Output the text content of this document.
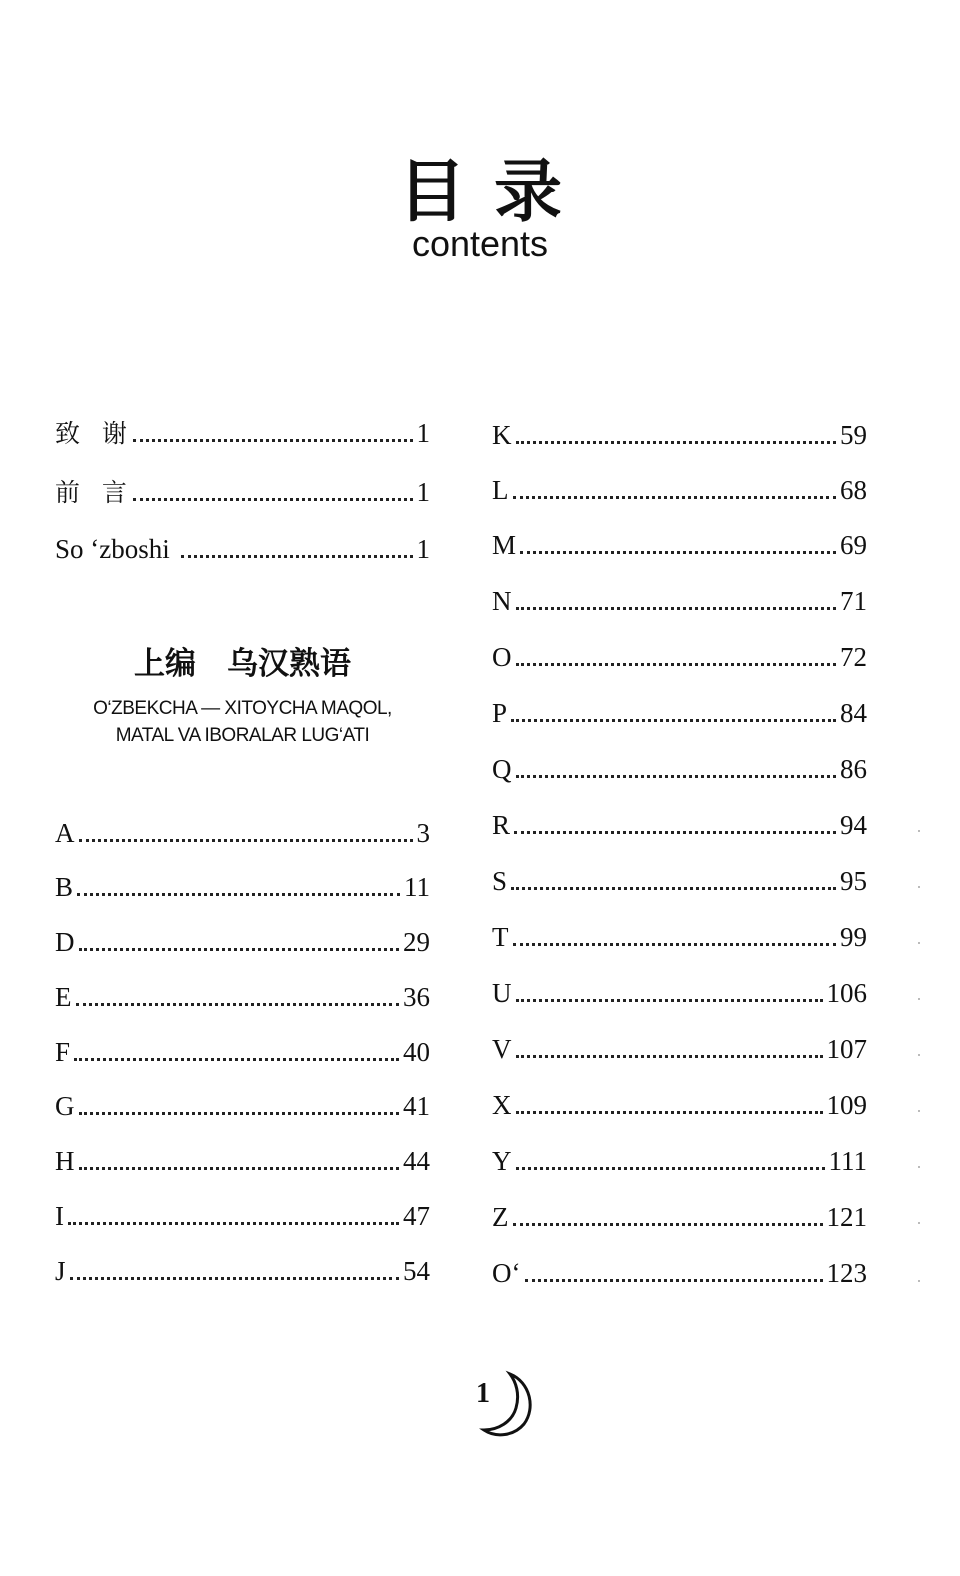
目录
contents
致  谢	1
前  言	1
So ‘zboshi	1
A	3
B	11
D	29
E	36
F	40
G	41
H	44
I	47
J	54
上编　乌汉熟语
O‘ZBEKCHA — XITOYCHA MAQOL,
MATAL VA IBORALAR LUG‘ATI
K	59
L	68
M	69
N	71
O	72
P	84
Q	86
R	94
S	95
T	99
U	106
V	107
X	109
Y	111
Z	121
O‘	123
1
